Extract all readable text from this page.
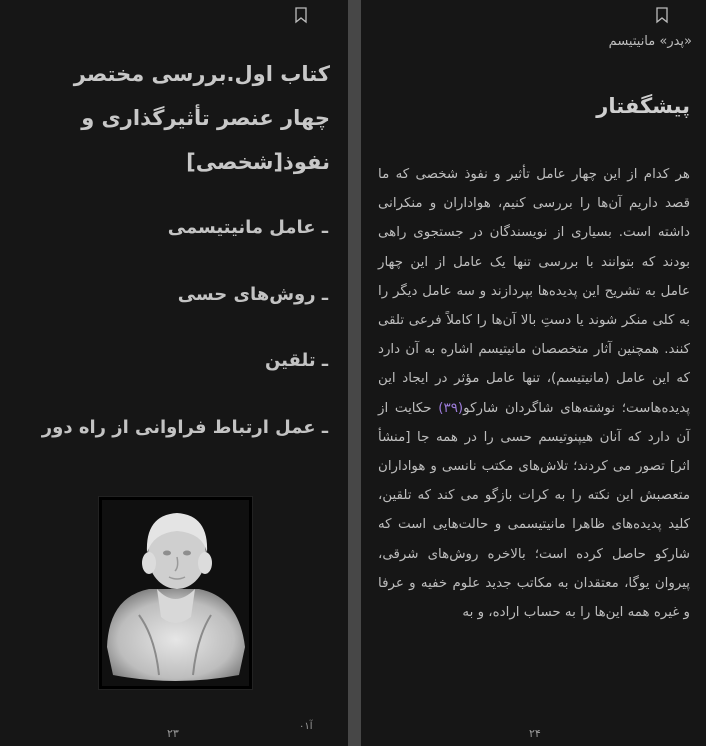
کتاب اول.بررسی مختصر چهار عنصر تأثیرگذاری و نفوذ[شخصی]
ـ عامل مانیتیسمی
ـ روش‌های حسی
ـ تلقین
ـ عمل ارتباط فراوانی از راه دور
آ۰۱
۲۳
«پدر» مانیتیسم
پیشگفتار
هر کدام از این چهار عامل تأثیر و نفوذ شخصی که ما قصد داریم آن‌ها را بررسی کنیم، هواداران و منکرانی داشته است. بسیاری از نویسندگان در جستجوی راهی بودند که بتوانند با بررسی تنها یک عامل از این چهار عامل به تشریح این پدیده‌ها بپردازند و سه عامل دیگر را به کلی منکر شوند یا دستِ بالا آن‌ها را کاملاً فرعی تلقی کنند. همچنین آثار متخصصان مانیتیسم اشاره به آن دارد که این عامل (مانیتیسم)، تنها عامل مؤثر در ایجاد این پدیده‌هاست؛ نوشته‌های شاگردان شارکو(۳۹) حکایت از آن دارد که آنان هیپنوتیسم حسی را در همه جا [منشأ اثر] تصور می کردند؛ تلاش‌های مکتب نانسی و هواداران متعصبش این نکته را به کرات بازگو می کند که تلقین، کلید پدیده‌های ظاهرا مانیتیسمی و حالت‌هایی است که شارکو حاصل کرده است؛ بالاخره روش‌های شرقی، پیروان یوگا، معتقدان به مکاتب جدید علوم خفیه و عرفا و غیره همه این‌ها را به حساب اراده، و به
۲۴
